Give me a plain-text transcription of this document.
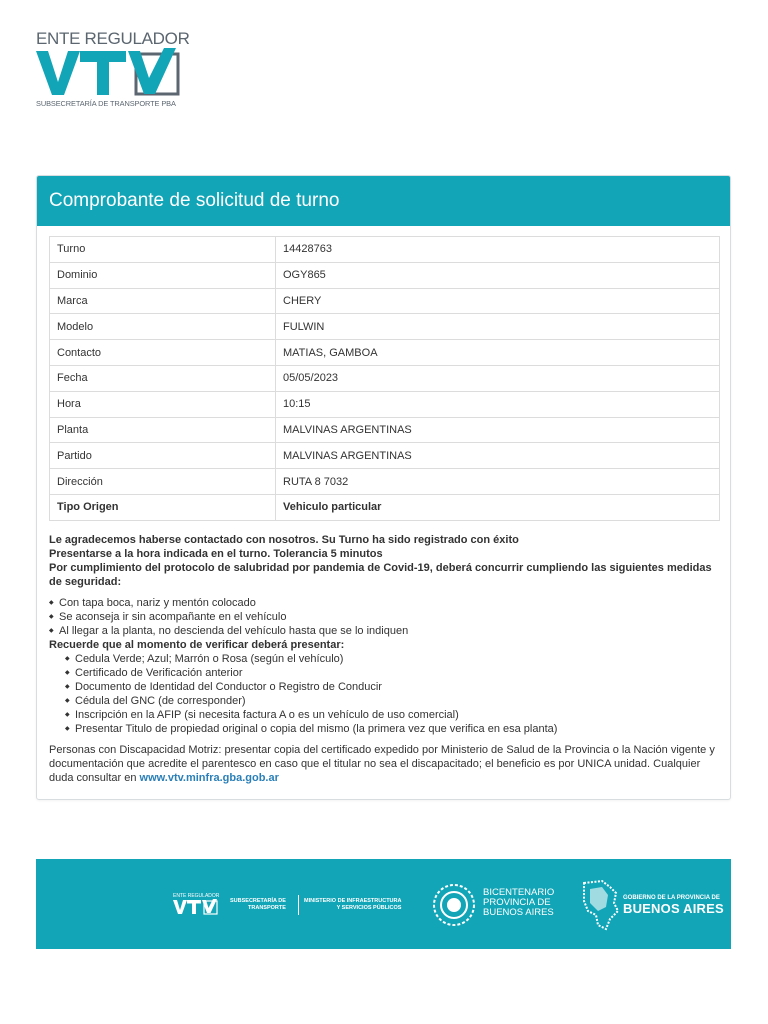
ENTE REGULADOR
SUBSECRETARÍA DE TRANSPORTE PBA
Comprobante de solicitud de turno
Turno	14428763
Dominio	OGY865
Marca	CHERY
Modelo	FULWIN
Contacto	MATIAS, GAMBOA
Fecha	05/05/2023
Hora	10:15
Planta	MALVINAS ARGENTINAS
Partido	MALVINAS ARGENTINAS
Dirección	RUTA 8 7032
Tipo Origen	Vehiculo particular
Le agradecemos haberse contactado con nosotros. Su Turno ha sido registrado con éxito
Presentarse a la hora indicada en el turno. Tolerancia 5 minutos
Por cumplimiento del protocolo de salubridad por pandemia de Covid-19, deberá concurrir cumpliendo las siguientes medidas de seguridad:
◆ Con tapa boca, nariz y mentón colocado
◆ Se aconseja ir sin acompañante en el vehículo
◆ Al llegar a la planta, no descienda del vehículo hasta que se lo indiquen
Recuerde que al momento de verificar deberá presentar:
◆ Cedula Verde; Azul; Marrón o Rosa (según el vehículo)
◆ Certificado de Verificación anterior
◆ Documento de Identidad del Conductor o Registro de Conducir
◆ Cédula del GNC (de corresponder)
◆ Inscripción en la AFIP (si necesita factura A o es un vehículo de uso comercial)
◆ Presentar Titulo de propiedad original o copia del mismo (la primera vez que verifica en esa planta)
Personas con Discapacidad Motriz: presentar copia del certificado expedido por Ministerio de Salud de la Provincia o la Nación vigente y documentación que acredite el parentesco en caso que el titular no sea el discapacitado; el beneficio es por UNICA unidad. Cualquier duda consultar en www.vtv.minfra.gba.gob.ar
ENTE REGULADOR
SUBSECRETARÍA DE
TRANSPORTE
MINISTERIO DE INFRAESTRUCTURA
Y SERVICIOS PÚBLICOS
BICENTENARIO
PROVINCIA DE
BUENOS AIRES
GOBIERNO DE LA PROVINCIA DE
BUENOS AIRES
